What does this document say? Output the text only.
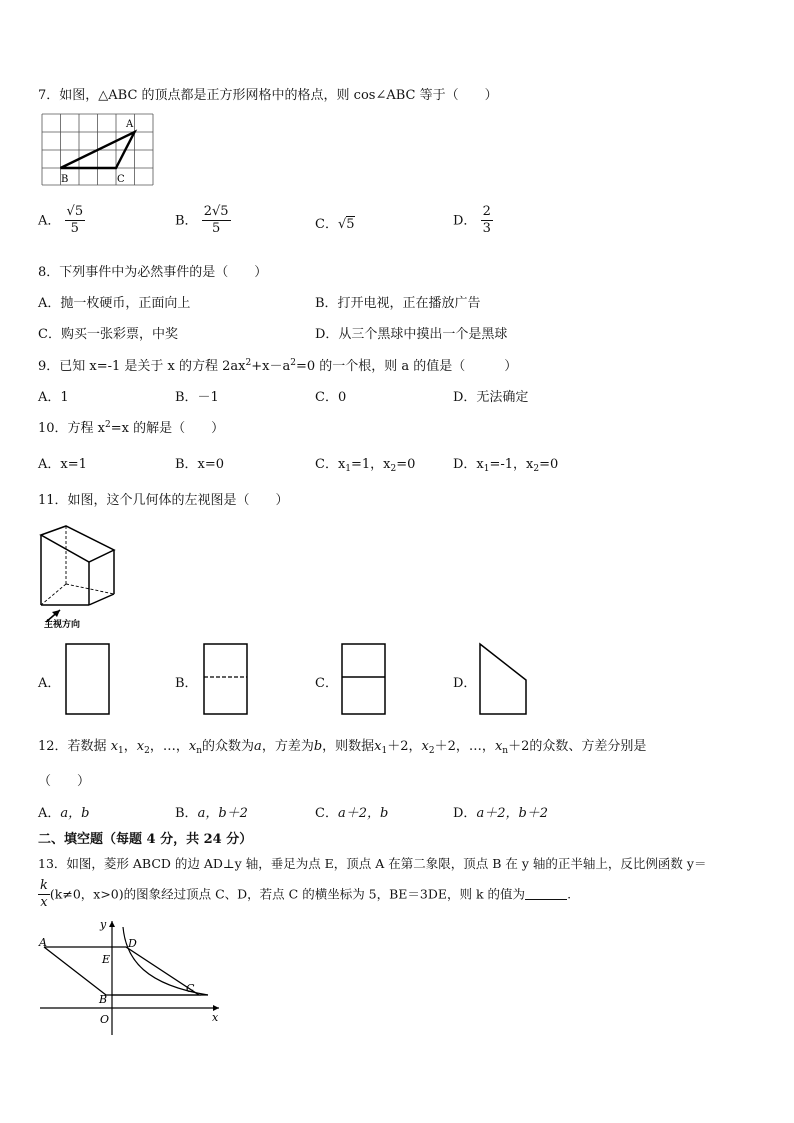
7．如图，△ABC 的顶点都是正方形网格中的格点，则 cos∠ABC 等于（　　）
A
B	C
A． $\frac{√5}{5}$	B． $\frac{2√5}{5}$	C．√5	D． $\frac{2}{3}$
8．下列事件中为必然事件的是（　　）
A．抛一枚硬币，正面向上	B．打开电视，正在播放广告
C．购买一张彩票，中奖	D．从三个黑球中摸出一个是黑球
9．已知 x=-1 是关于 x 的方程 $2ax^2+x-a^2=0$ 的一个根，则 a 的值是（　　　）
A．1	B．－1	C．0	D．无法确定
10．方程 $x^2=x$ 的解是（　　）
A．x=1	B．x=0	C．$x_1=1$，$x_2=0$	D．$x_1=-1$，$x_2=0$
11．如图，这个几何体的左视图是（　　）
主视方向
A．	B．	C．	D．
12．若数据 $x_1$，$x_2$，…，$x_n$的众数为a，方差为b，则数据$x_1+2$，$x_2+2$，…，$x_n+2$的众数、方差分别是
（　　）
A．a，b	B．a，b＋2	C．a＋2，b	D．a＋2，b＋2
二、填空题（每题 4 分，共 24 分）
13．如图，菱形 ABCD 的边 AD⊥y 轴，垂足为点 E，顶点 A 在第二象限，顶点 B 在 y 轴的正半轴上，反比例函数 y＝
$\frac{k}{x} (k\ne 0$，x>0)的图象经过顶点 C、D，若点 C 的横坐标为 5，BE＝3DE，则 k 的值为	.
A	D
E
C
B
O	x
y
